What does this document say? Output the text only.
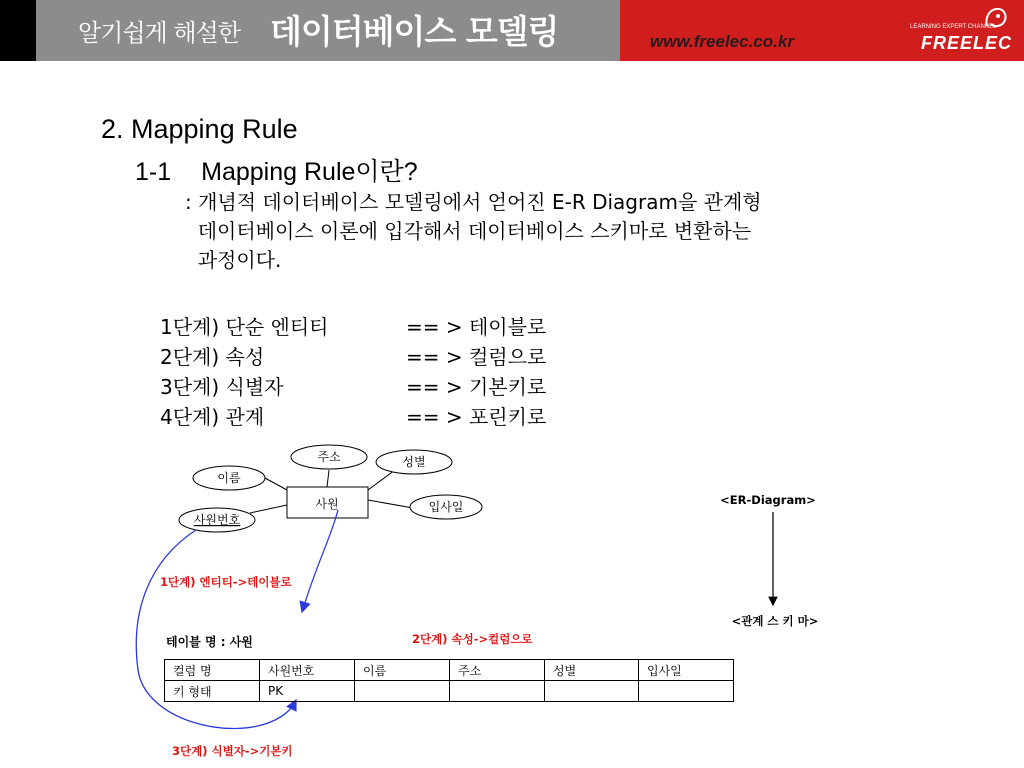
알기쉽게 해설한 데이터베이스 모델링	www.freelec.co.kr
LEARNING EXPERT CHANNEL
FREELEC
2. Mapping Rule
1-1 Mapping Rule이란?
: 개념적 데이터베이스 모델링에서 얻어진 E-R Diagram을 관계형
데이터베이스 이론에 입각해서 데이터베이스 스키마로 변환하는
과정이다.
1단계) 단순 엔티티	== > 테이블로
2단계) 속성	== > 컬럼으로
3단계) 식별자	== > 기본키로
4단계) 관계	== > 포린키로
사원
주소
이름
성별
입사일
사원번호
1단계) 엔티티->테이블로
2단계) 속성->컬럼으로
3단계) 식별자->기본키
테이블 명 : 사원
<ER-Diagram>
<관계 스 키 마>
컬럼 명	사원번호	이름	주소	성별	입사일
키 형태	PK				
